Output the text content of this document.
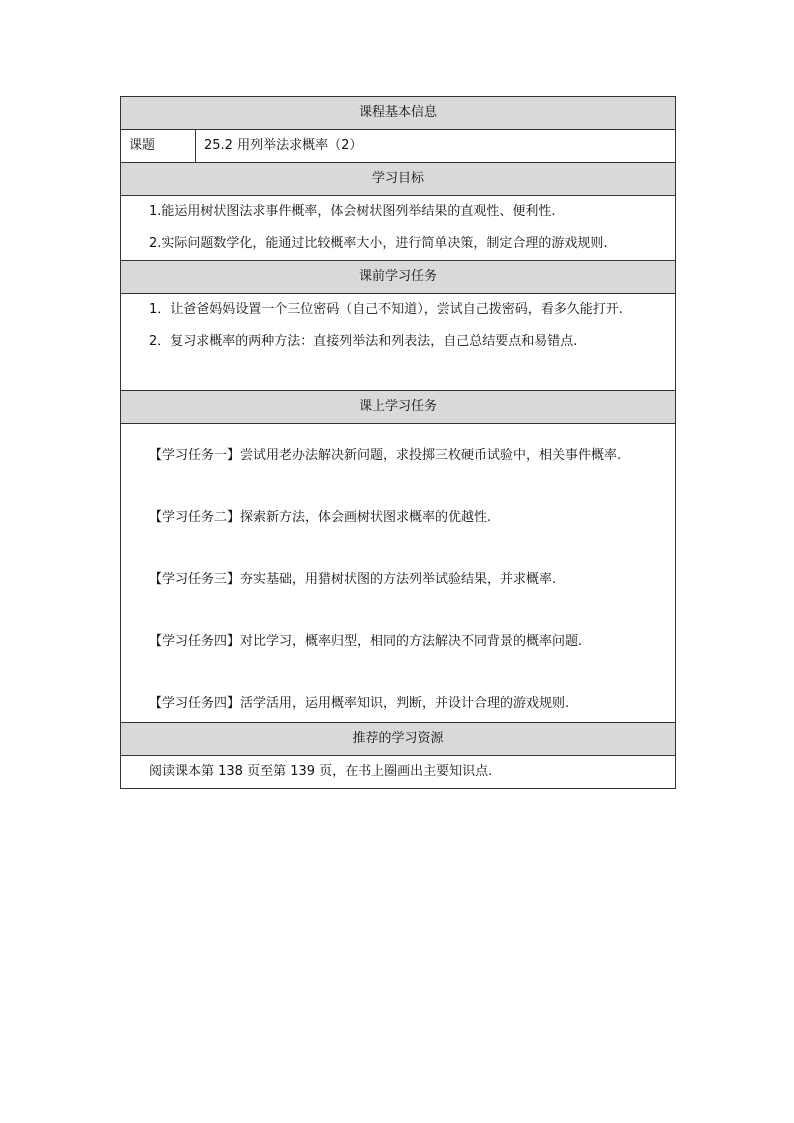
课程基本信息
课题	25.2 用列举法求概率（2）
学习目标

1.能运用树状图法求事件概率，体会树状图列举结果的直观性、便利性.
2.实际问题数学化，能通过比较概率大小，进行简单决策，制定合理的游戏规则.

课前学习任务

1．让爸爸妈妈设置一个三位密码（自己不知道），尝试自己拨密码，看多久能打开.
2．复习求概率的两种方法：直接列举法和列表法，自己总结要点和易错点.

课上学习任务

【学习任务一】尝试用老办法解决新问题，求投掷三枚硬币试验中，相关事件概率.
【学习任务二】探索新方法，体会画树状图求概率的优越性.
【学习任务三】夯实基础，用猎树状图的方法列举试验结果，并求概率.
【学习任务四】对比学习，概率归型，相同的方法解决不同背景的概率问题.
【学习任务四】活学活用，运用概率知识，判断，并设计合理的游戏规则.

推荐的学习资源
阅读课本第 138 页至第 139 页，在书上圈画出主要知识点.
